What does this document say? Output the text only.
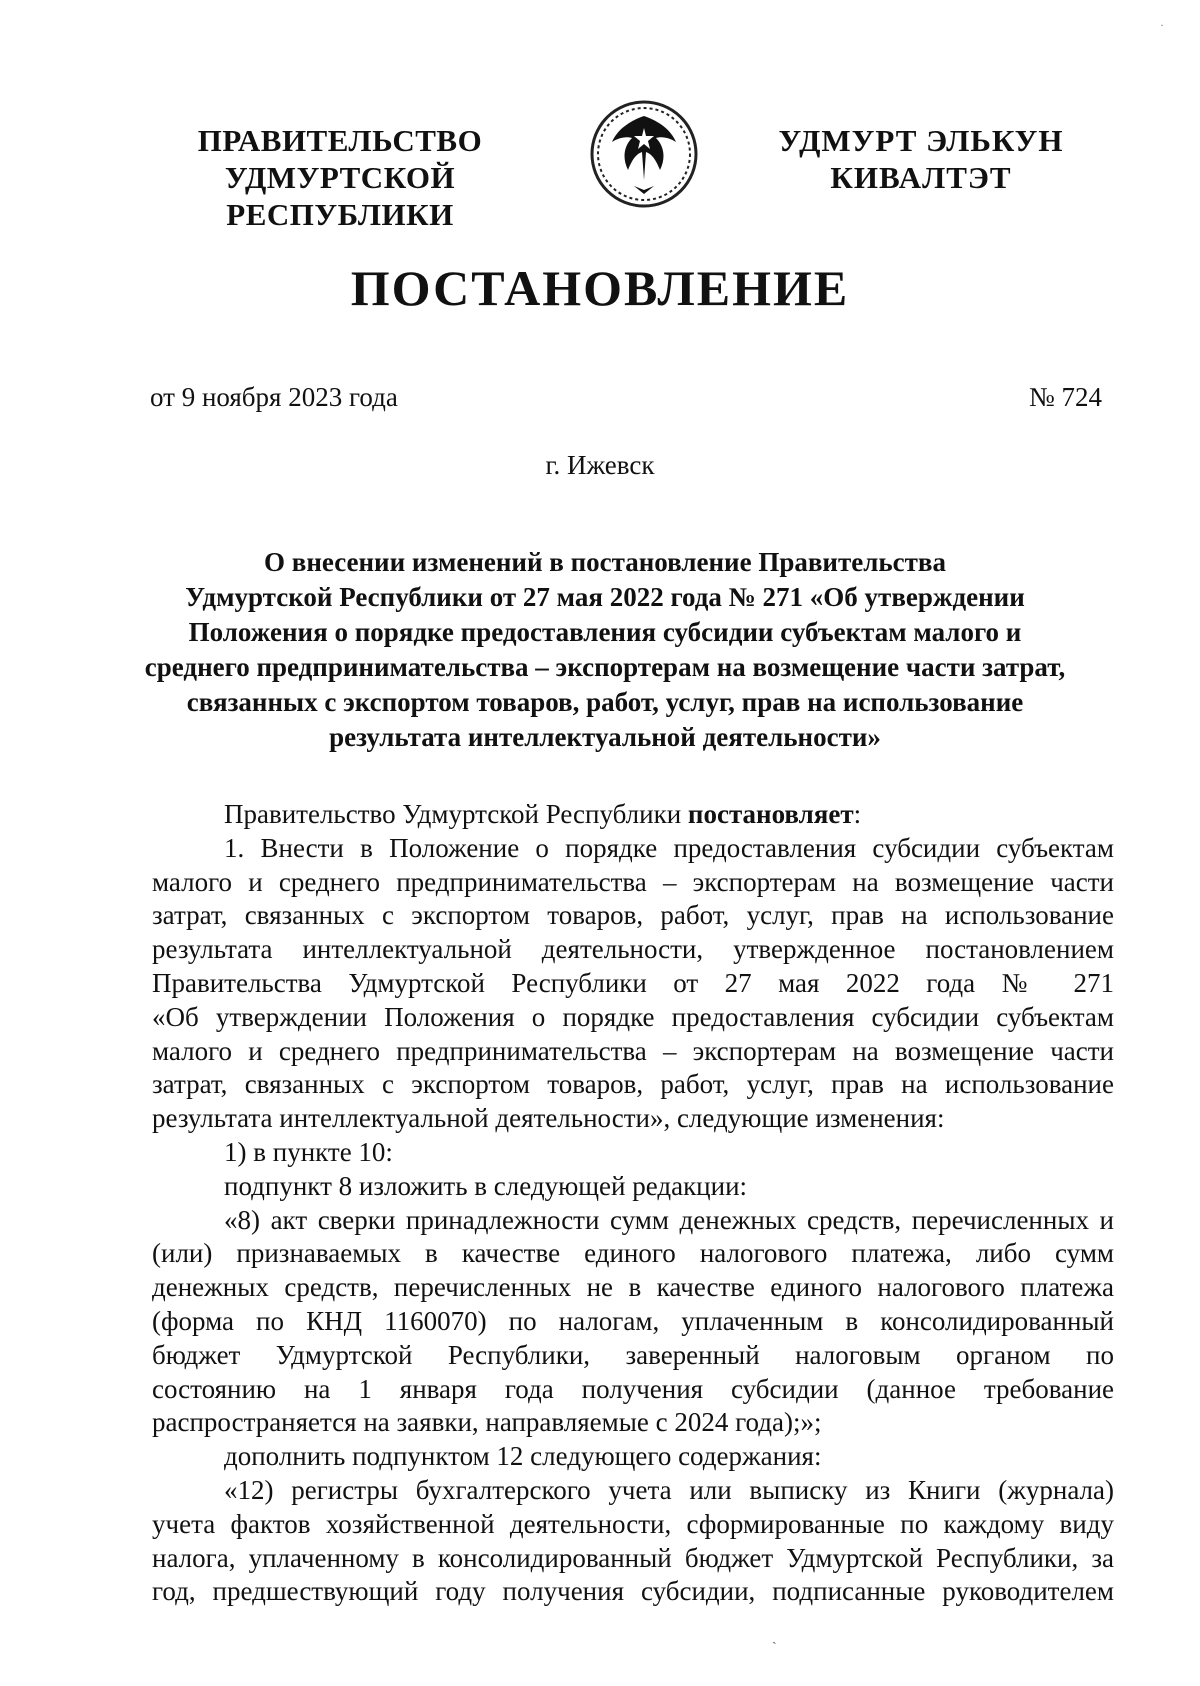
·
ПРАВИТЕЛЬСТВО
УДМУРТСКОЙ РЕСПУБЛИКИ
УДМУРТ ЭЛЬКУН
КИВАЛТЭТ
ПОСТАНОВЛЕНИЕ
от 9 ноября 2023 года	№ 724
г. Ижевск
О внесении изменений в постановление Правительства
Удмуртской Республики от 27 мая 2022 года № 271 «Об утверждении
Положения о порядке предоставления субсидии субъектам малого и
среднего предпринимательства – экспортерам на возмещение части затрат,
связанных с экспортом товаров, работ, услуг, прав на использование
результата интеллектуальной деятельности»
Правительство Удмуртской Республики постановляет:
1. Внести в Положение о порядке предоставления субсидии субъектам
малого и среднего предпринимательства – экспортерам на возмещение части
затрат, связанных с экспортом товаров, работ, услуг, прав на использование
результата интеллектуальной деятельности, утвержденное постановлением
Правительства Удмуртской Республики от 27 мая 2022 года № 271
«Об утверждении Положения о порядке предоставления субсидии субъектам
малого и среднего предпринимательства – экспортерам на возмещение части
затрат, связанных с экспортом товаров, работ, услуг, прав на использование
результата интеллектуальной деятельности», следующие изменения:
1) в пункте 10:
подпункт 8 изложить в следующей редакции:
«8) акт сверки принадлежности сумм денежных средств, перечисленных и
(или) признаваемых в качестве единого налогового платежа, либо сумм
денежных средств, перечисленных не в качестве единого налогового платежа
(форма по КНД 1160070) по налогам, уплаченным в консолидированный
бюджет Удмуртской Республики, заверенный налоговым органом по
состоянию на 1 января года получения субсидии (данное требование
распространяется на заявки, направляемые с 2024 года);»;
дополнить подпунктом 12 следующего содержания:
«12) регистры бухгалтерского учета или выписку из Книги (журнала)
учета фактов хозяйственной деятельности, сформированные по каждому виду
налога, уплаченному в консолидированный бюджет Удмуртской Республики, за
год, предшествующий году получения субсидии, подписанные руководителем
ˎ
